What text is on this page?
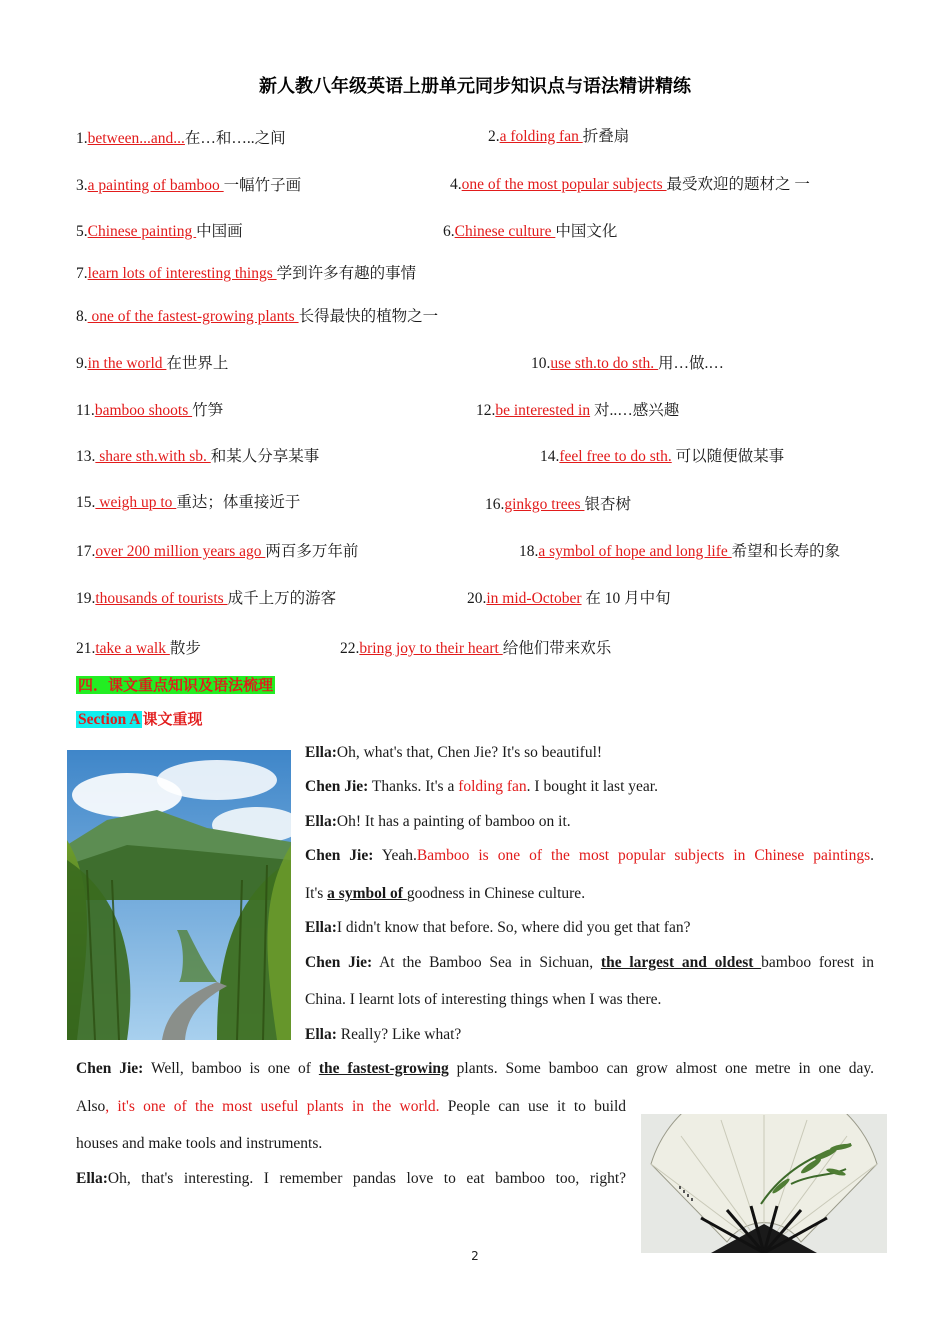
新人教八年级英语上册单元同步知识点与语法精讲精练
1.between...and...在…和…..之间	2.a folding fan 折叠扇
3.a painting of bamboo 一幅竹子画	4.one of the most popular subjects 最受欢迎的题材之 一
5.Chinese painting 中国画	6.Chinese culture 中国文化
7.learn lots of interesting things 学到许多有趣的事情
8. one of the fastest-growing plants 长得最快的植物之一
9.in the world 在世界上	10.use sth.to do sth. 用…做.…
11.bamboo shoots 竹笋	12.be interested in 对..…感兴趣
13. share sth.with sb. 和某人分享某事	14.feel free to do sth. 可以随便做某事
15. weigh up to 重达；体重接近于	16.ginkgo trees 银杏树
17.over 200 million years ago 两百多万年前	18.a symbol of hope and long life 希望和长寿的象
19.thousands of tourists 成千上万的游客	20.in mid-October 在 10 月中旬
21.take a walk 散步	22.bring joy to their heart 给他们带来欢乐
四．课文重点知识及语法梳理
Section A 课文重现
Ella:Oh, what's that, Chen Jie? It's so beautiful!
Chen Jie: Thanks. It's a folding fan. I bought it last year.
Ella:Oh! It has a painting of bamboo on it.
Chen Jie: Yeah.Bamboo is one of the most popular subjects in Chinese paintings.
It's a symbol of goodness in Chinese culture.
Ella:I didn't know that before. So, where did you get that fan?
Chen Jie: At the Bamboo Sea in Sichuan, the largest and oldest bamboo forest in
China. I learnt lots of interesting things when I was there.
Ella: Really? Like what?
Chen Jie: Well, bamboo is one of the fastest-growing plants. Some bamboo can grow almost one metre in one day.
Also, it's one of the most useful plants in the world. People can use it to build
houses and make tools and instruments.
Ella:Oh, that's interesting. I remember pandas love to eat bamboo too, right?
2
